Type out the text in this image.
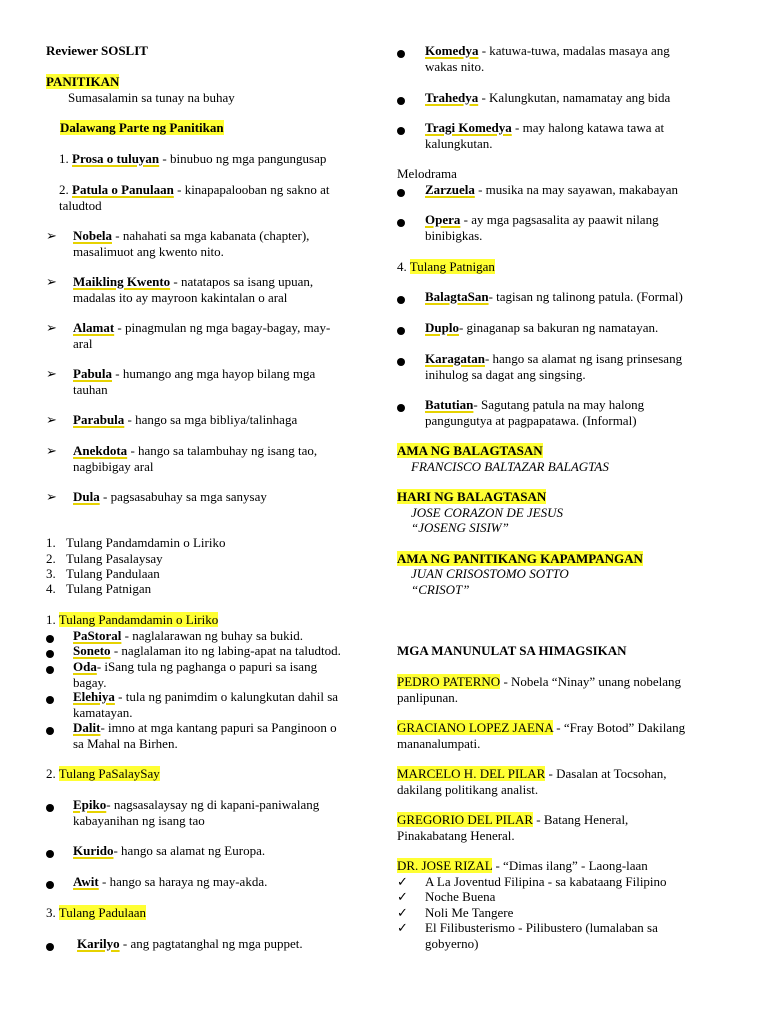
Reviewer SOSLIT
PANITIKAN
Sumasalamin sa tunay na buhay
Dalawang Parte ng Panitikan
1. Prosa o tuluyan - binubuo ng mga pangungusap
2. Patula o Panulaan - kinapapalooban ng sakno at
taludtod
➢ Nobela - nahahati sa mga kabanata (chapter),
masalimuot ang kwento nito.
➢ Maikling Kwento - natatapos sa isang upuan,
madalas ito ay mayroon kakintalan o aral
➢ Alamat - pinagmulan ng mga bagay-bagay, may-
aral
➢ Pabula - humango ang mga hayop bilang mga
tauhan
➢ Parabula - hango sa mga bibliya/talinhaga
➢ Anekdota - hango sa talambuhay ng isang tao,
nagbibigay aral
➢ Dula - pagsasabuhay sa mga sanysay
1. Tulang Pandamdamin o Liriko
2. Tulang Pasalaysay
3. Tulang Pandulaan
4. Tulang Patnigan
1. Tulang Pandamdamin o Liriko
PaStoral - naglalarawan ng buhay sa bukid.
Soneto - naglalaman ito ng labing-apat na taludtod.
Oda- iSang tula ng paghanga o papuri sa isang
bagay.
Elehiya - tula ng panimdim o kalungkutan dahil sa
kamatayan.
Dalit- imno at mga kantang papuri sa Panginoon o
sa Mahal na Birhen.
2. Tulang PaSalaySay
Epiko- nagsasalaysay ng di kapani-paniwalang
kabayanihan ng isang tao
Kurido- hango sa alamat ng Europa.
Awit - hango sa haraya ng may-akda.
3. Tulang Padulaan
Karilyo - ang pagtatanghal ng mga puppet.
Komedya - katuwa-tuwa, madalas masaya ang
wakas nito.
Trahedya - Kalungkutan, namamatay ang bida
Tragi Komedya - may halong katawa tawa at
kalungkutan.
Melodrama
Zarzuela - musika na may sayawan, makabayan
Opera - ay mga pagsasalita ay paawit nilang
binibigkas.
4. Tulang Patnigan
BalagtaSan- tagisan ng talinong patula. (Formal)
Duplo- ginaganap sa bakuran ng namatayan.
Karagatan- hango sa alamat ng isang prinsesang
inihulog sa dagat ang singsing.
Batutian- Sagutang patula na may halong
pangungutya at pagpapatawa. (Informal)
AMA NG BALAGTASAN
FRANCISCO BALTAZAR BALAGTAS
HARI NG BALAGTASAN
JOSE CORAZON DE JESUS
“JOSENG SISIW”
AMA NG PANITIKANG KAPAMPANGAN
JUAN CRISOSTOMO SOTTO
“CRISOT”
MGA MANUNULAT SA HIMAGSIKAN
PEDRO PATERNO - Nobela “Ninay” unang nobelang
panlipunan.
GRACIANO LOPEZ JAENA - “Fray Botod” Dakilang
mananalumpati.
MARCELO H. DEL PILAR - Dasalan at Tocsohan,
dakilang politikang analist.
GREGORIO DEL PILAR - Batang Heneral,
Pinakabatang Heneral.
DR. JOSE RIZAL - “Dimas ilang” - Laong-laan
✓ A La Joventud Filipina - sa kabataang Filipino
✓ Noche Buena
✓ Noli Me Tangere
✓ El Filibusterismo - Pilibustero (lumalaban sa
gobyerno)
